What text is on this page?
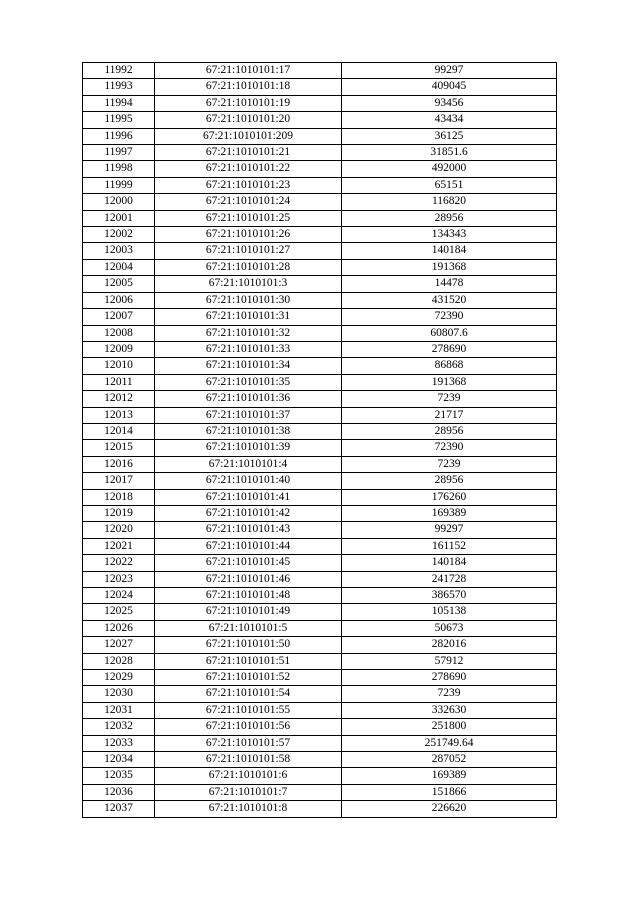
11992	67:21:1010101:17	99297
11993	67:21:1010101:18	409045
11994	67:21:1010101:19	93456
11995	67:21:1010101:20	43434
11996	67:21:1010101:209	36125
11997	67:21:1010101:21	31851.6
11998	67:21:1010101:22	492000
11999	67:21:1010101:23	65151
12000	67:21:1010101:24	116820
12001	67:21:1010101:25	28956
12002	67:21:1010101:26	134343
12003	67:21:1010101:27	140184
12004	67:21:1010101:28	191368
12005	67:21:1010101:3	14478
12006	67:21:1010101:30	431520
12007	67:21:1010101:31	72390
12008	67:21:1010101:32	60807.6
12009	67:21:1010101:33	278690
12010	67:21:1010101:34	86868
12011	67:21:1010101:35	191368
12012	67:21:1010101:36	7239
12013	67:21:1010101:37	21717
12014	67:21:1010101:38	28956
12015	67:21:1010101:39	72390
12016	67:21:1010101:4	7239
12017	67:21:1010101:40	28956
12018	67:21:1010101:41	176260
12019	67:21:1010101:42	169389
12020	67:21:1010101:43	99297
12021	67:21:1010101:44	161152
12022	67:21:1010101:45	140184
12023	67:21:1010101:46	241728
12024	67:21:1010101:48	386570
12025	67:21:1010101:49	105138
12026	67:21:1010101:5	50673
12027	67:21:1010101:50	282016
12028	67:21:1010101:51	57912
12029	67:21:1010101:52	278690
12030	67:21:1010101:54	7239
12031	67:21:1010101:55	332630
12032	67:21:1010101:56	251800
12033	67:21:1010101:57	251749.64
12034	67:21:1010101:58	287052
12035	67:21:1010101:6	169389
12036	67:21:1010101:7	151866
12037	67:21:1010101:8	226620
